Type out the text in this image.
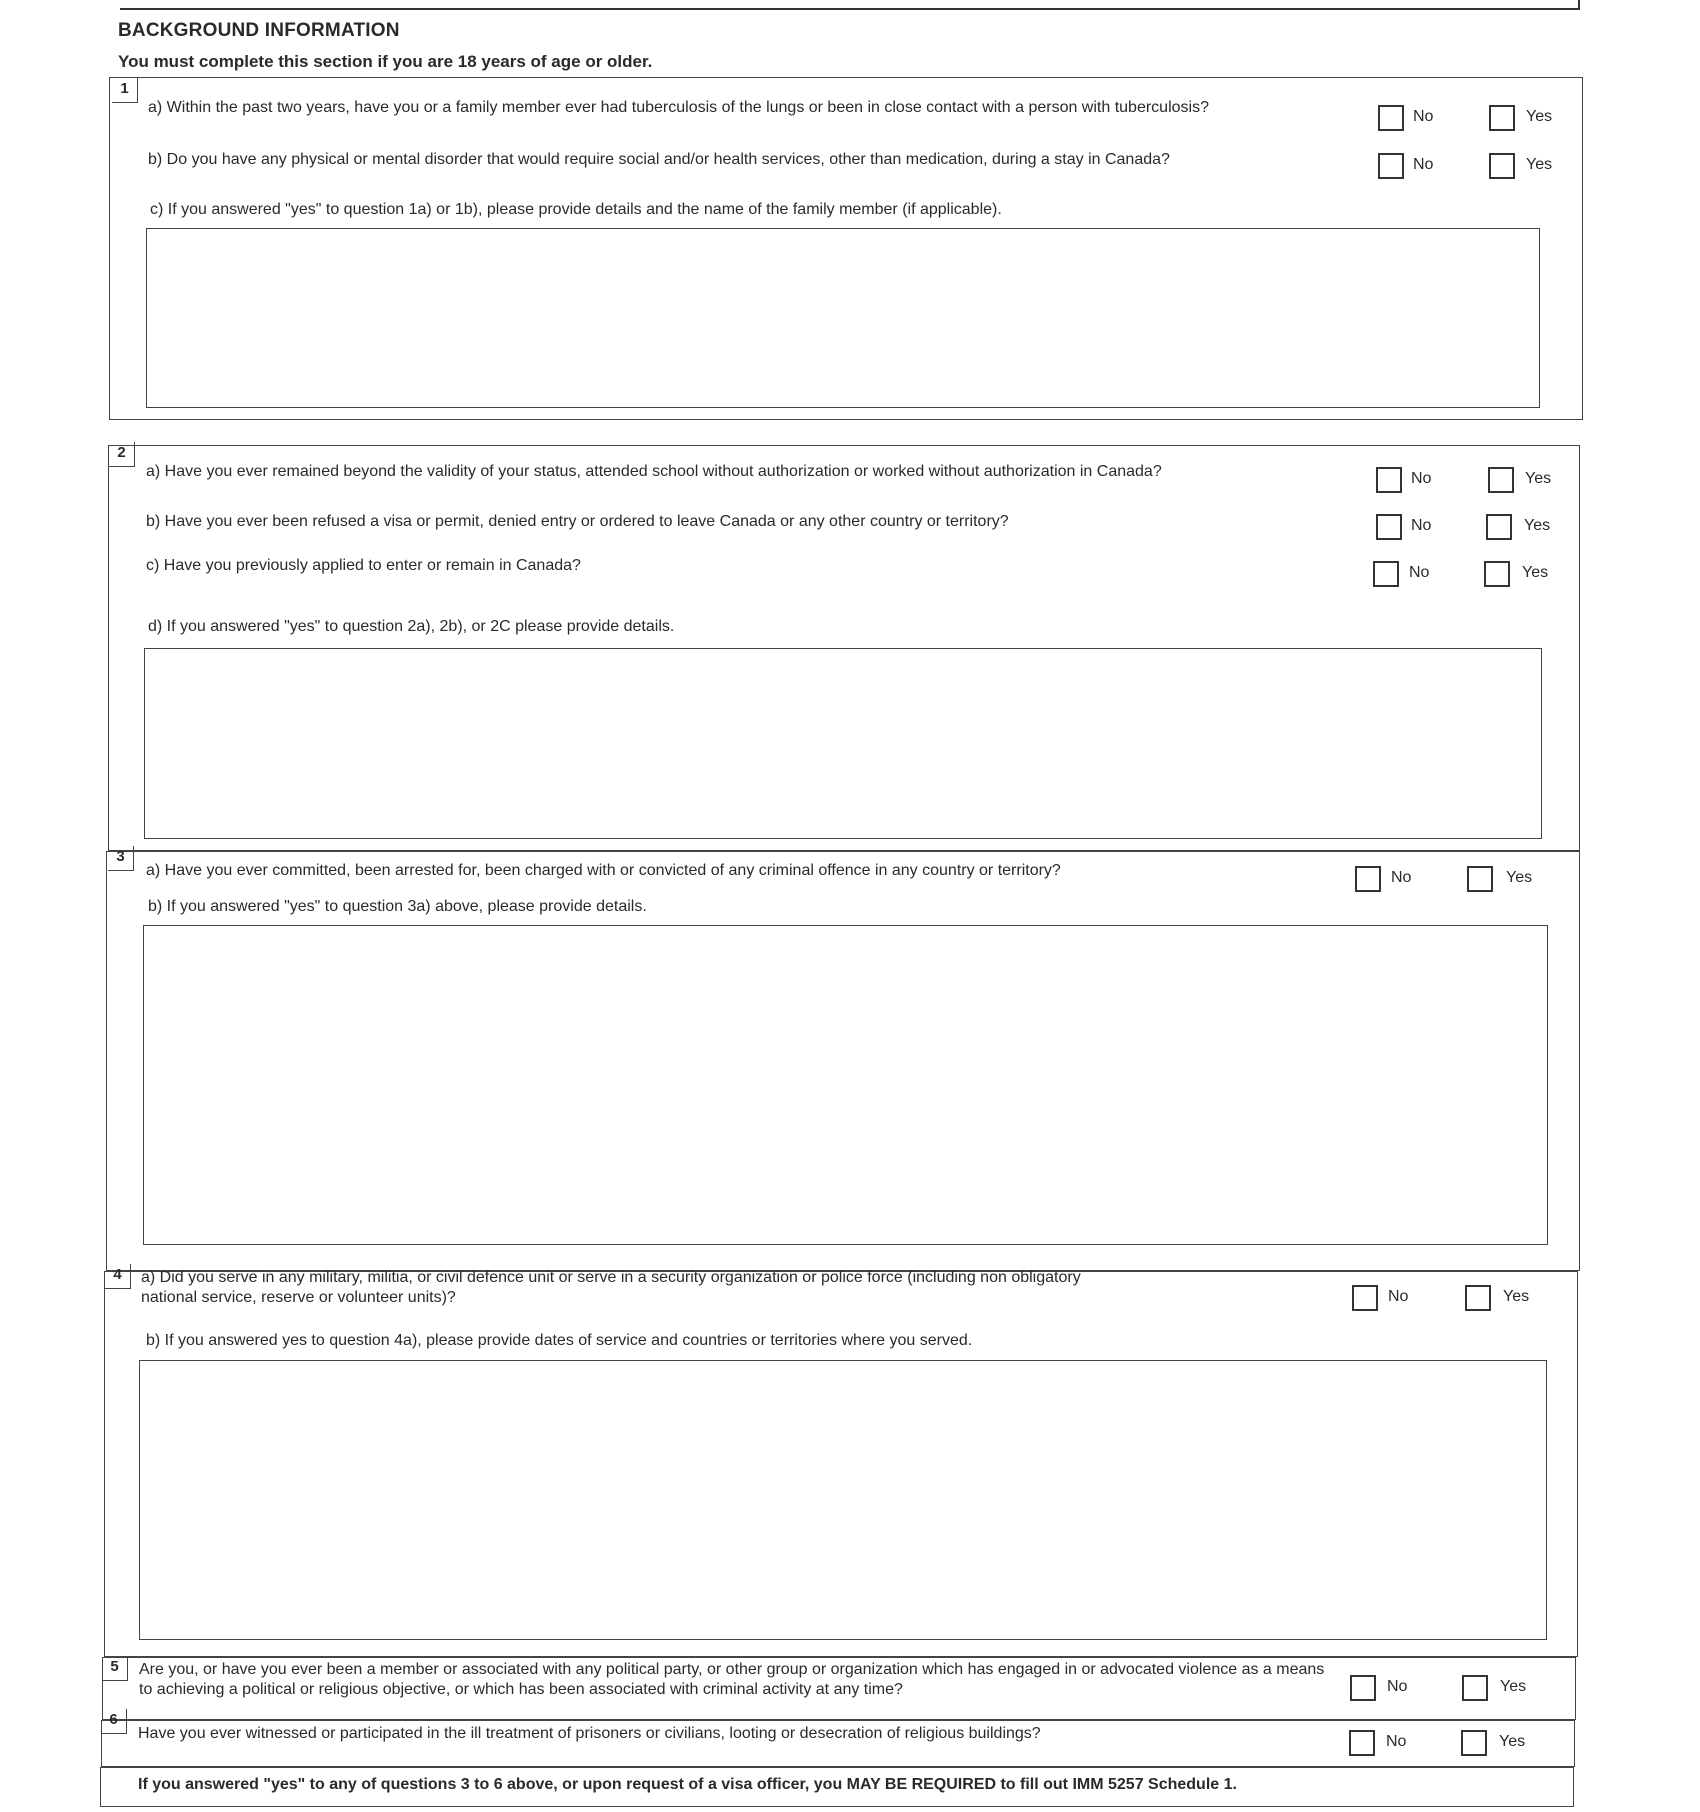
BACKGROUND INFORMATION
You must complete this section if you are 18 years of age or older.
1
a) Within the past two years, have you or a family member ever had tuberculosis of the lungs or been in close contact with a person with tuberculosis?
No	Yes
b) Do you have any physical or mental disorder that would require social and/or health services, other than medication, during a stay in Canada?	No	Yes
c) If you answered "yes" to question 1a) or 1b), please provide details and the name of the family member (if applicable).
2
a) Have you ever remained beyond the validity of your status, attended school without authorization or worked without authorization in Canada?	No	Yes
b) Have you ever been refused a visa or permit, denied entry or ordered to leave Canada or any other country or territory?	No	Yes
c) Have you previously applied to enter or remain in Canada?	No	Yes
d) If you answered "yes" to question 2a), 2b), or 2C please provide details.
3
a) Have you ever committed, been arrested for, been charged with or convicted of any criminal offence in any country or territory?	No	Yes
b) If you answered "yes" to question 3a) above, please provide details.
4	a) Did you serve in any military, militia, or civil defence unit or serve in a security organization or police force (including non obligatory national service, reserve or volunteer units)?	No	Yes
b) If you answered yes to question 4a), please provide dates of service and countries or territories where you served.
5	Are you, or have you ever been a member or associated with any political party, or other group or organization which has engaged in or advocated violence as a means to achieving a political or religious objective, or which has been associated with criminal activity at any time?	No	Yes
6
Have you ever witnessed or participated in the ill treatment of prisoners or civilians, looting or desecration of religious buildings?	No	Yes
If you answered "yes" to any of questions 3 to 6 above, or upon request of a visa officer, you MAY BE REQUIRED to fill out IMM 5257 Schedule 1.
